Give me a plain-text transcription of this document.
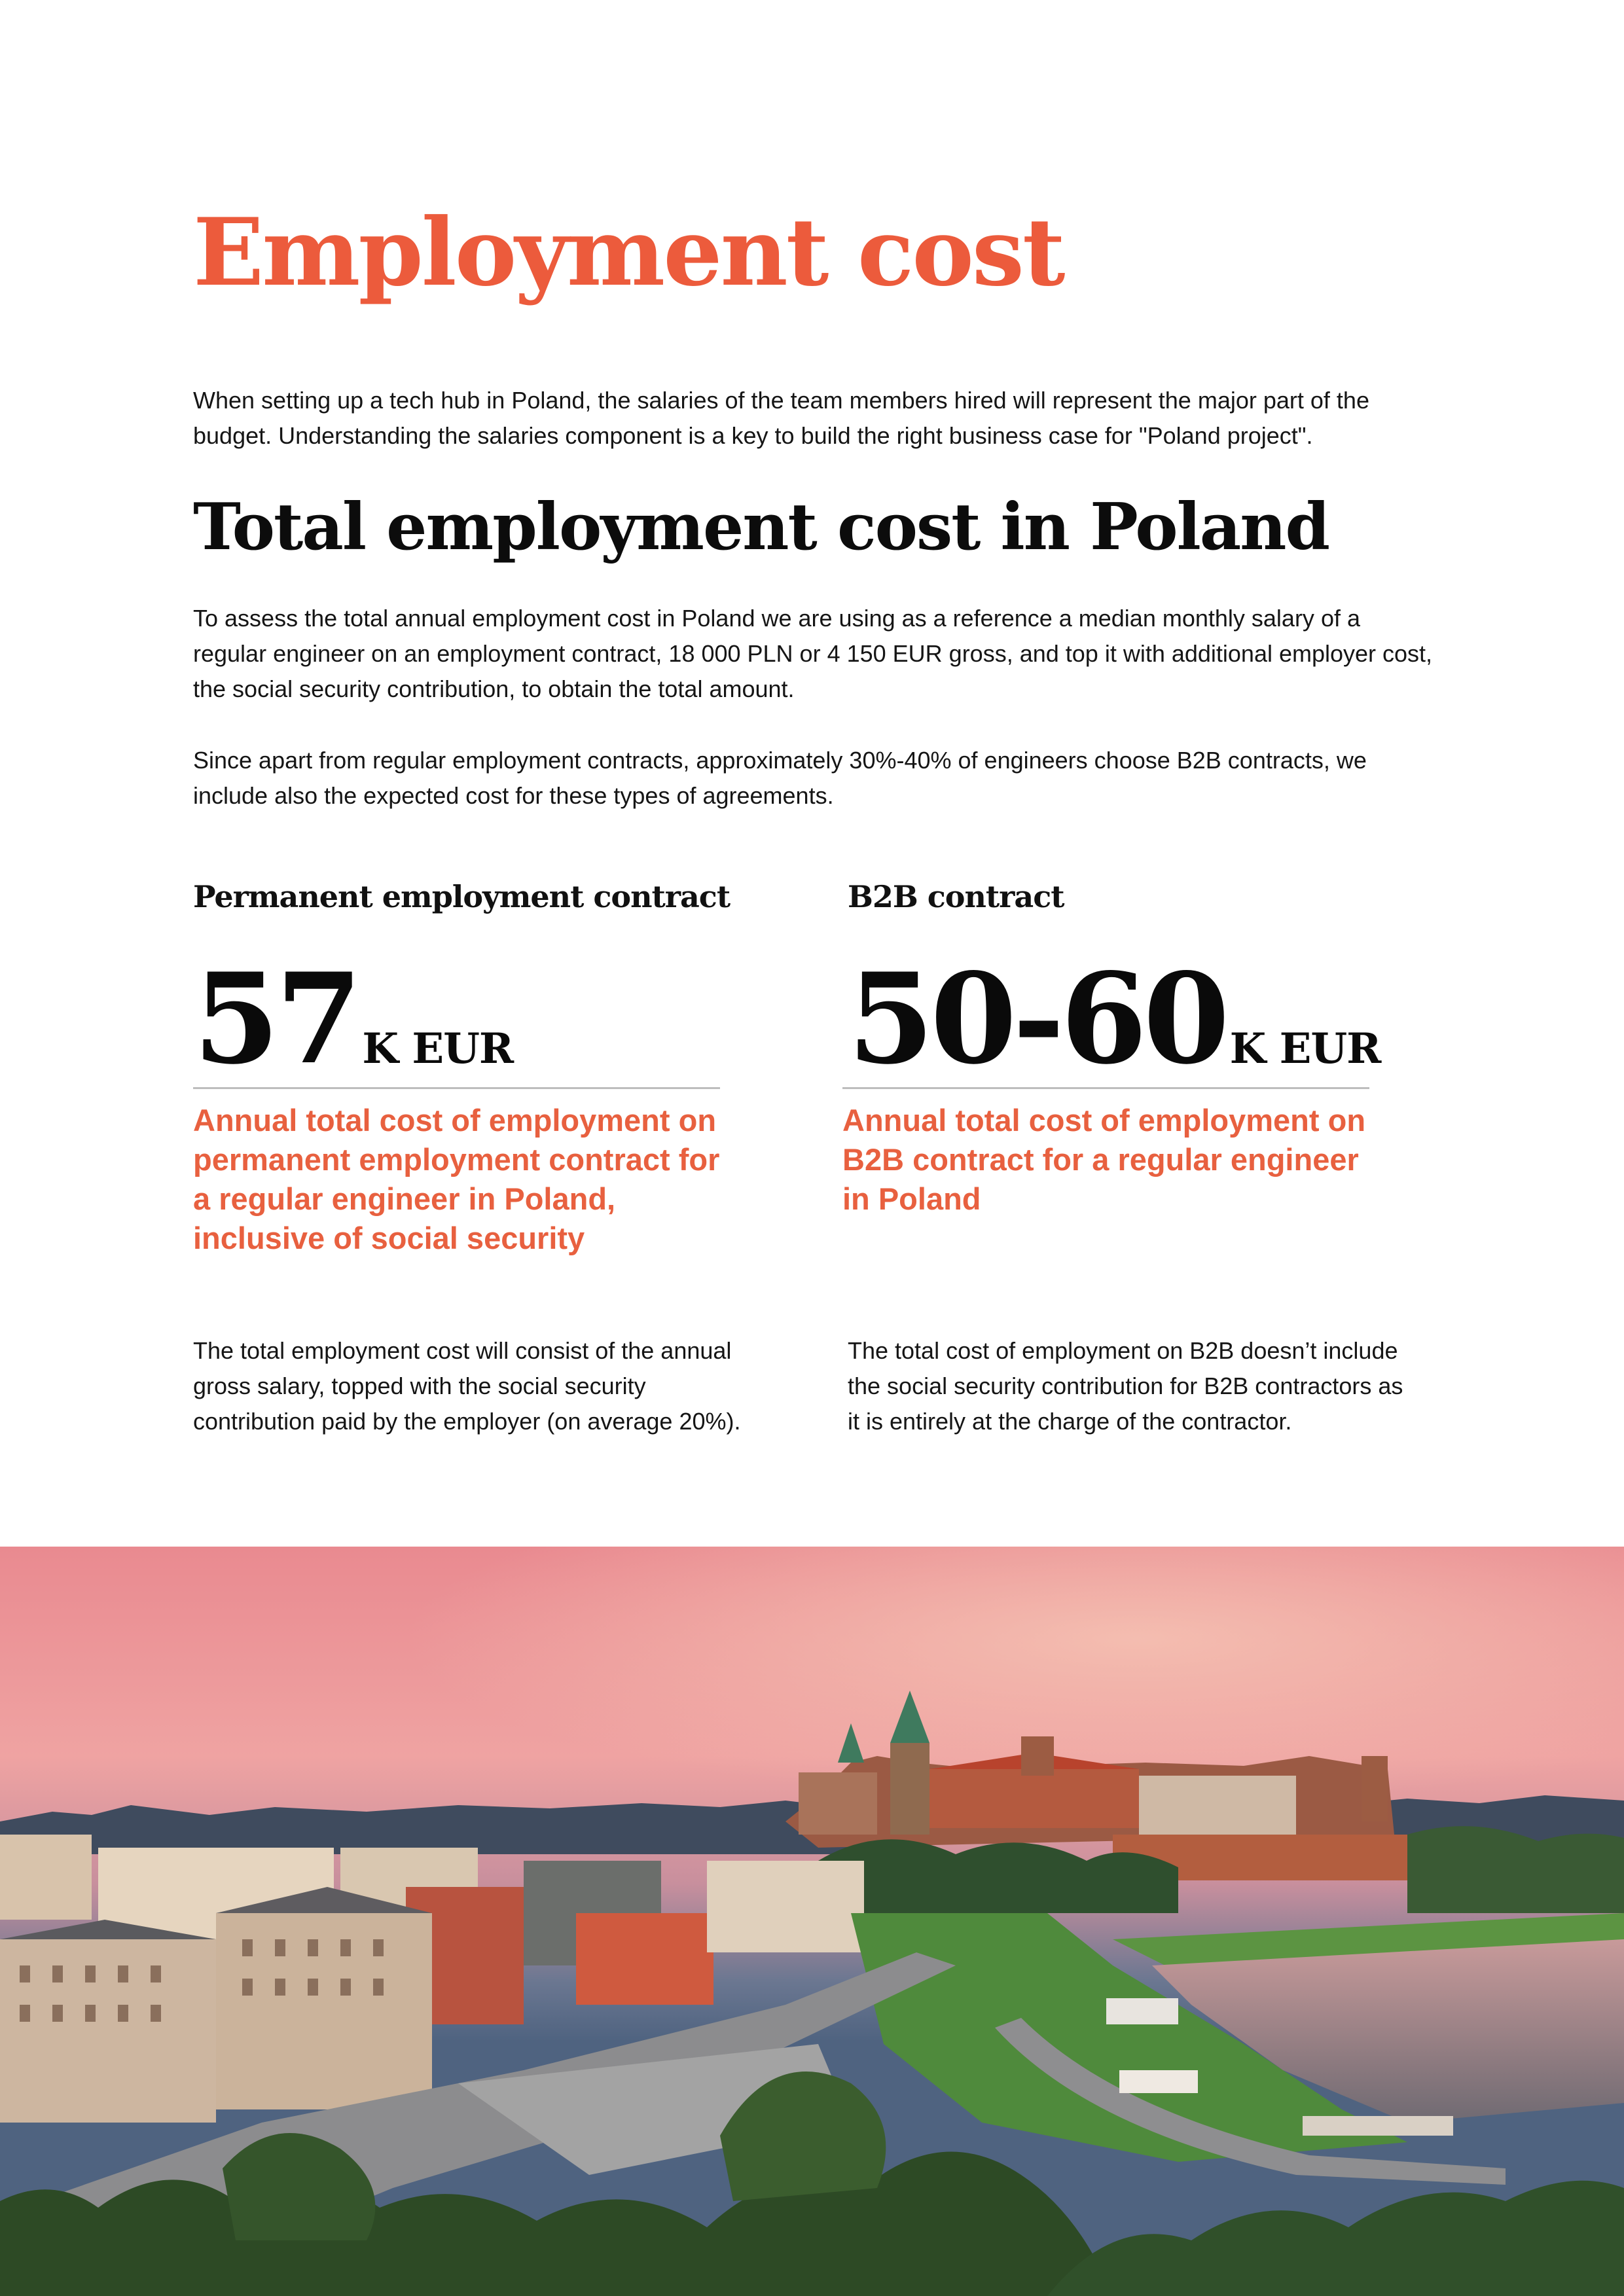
Employment cost

When setting up a tech hub in Poland, the salaries of the team members hired will represent the major part of the budget. Understanding the salaries component is a key to build the right business case for "Poland project".

Total employment cost in Poland

To assess the total annual employment cost in Poland we are using as a reference a median monthly salary of a regular engineer on an employment contract, 18 000 PLN or 4 150 EUR gross, and top it with additional employer cost, the social security contribution, to obtain the total amount.

Since apart from regular employment contracts, approximately 30%-40% of engineers choose B2B contracts, we include also the expected cost for these types of agreements.

Permanent employment contract
57 K EUR

Annual total cost of employment on permanent employment contract for a regular engineer in Poland, inclusive of social security

The total employment cost will consist of the annual gross salary, topped with the social security contribution paid by the employer (on average 20%).

B2B contract
50-60 K EUR

Annual total cost of employment on B2B contract for a regular engineer in Poland

The total cost of employment on B2B doesn’t include the social security contribution for B2B contractors as it is entirely at the charge of the contractor.
